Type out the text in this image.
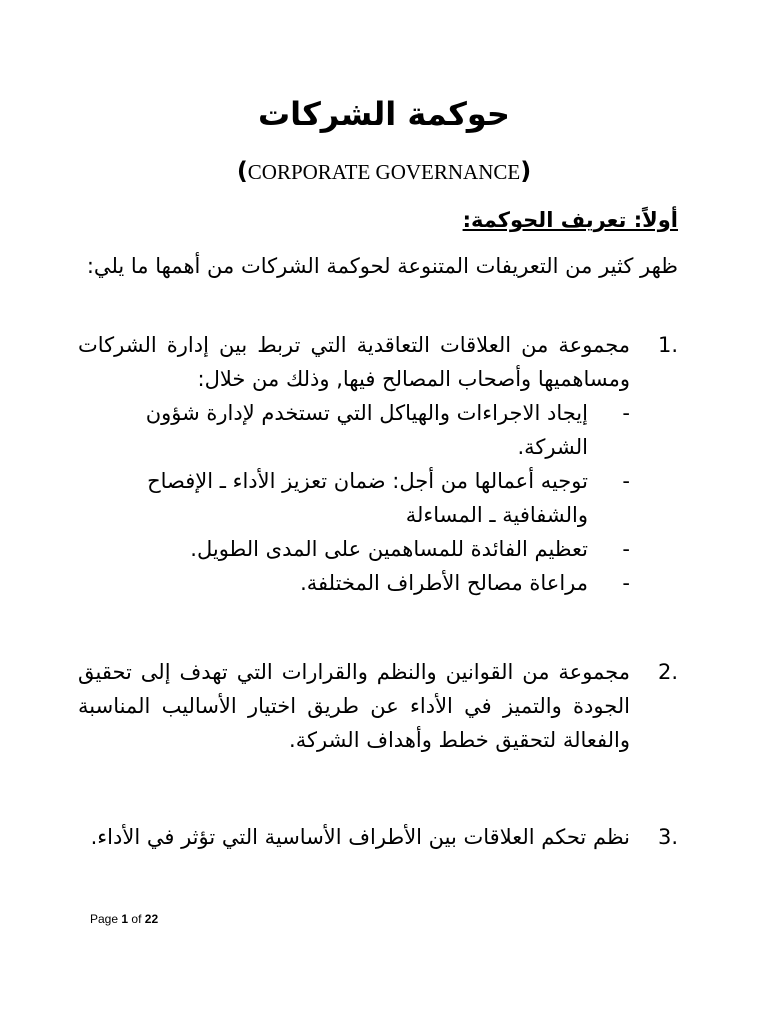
حوكمة الشركات
(CORPORATE GOVERNANCE)
أولاً: تعريف الحوكمة:
ظهر كثير من التعريفات المتنوعة لحوكمة الشركات من أهمها ما يلي:
1.
مجموعة من العلاقات التعاقدية التي تربط بين إدارة الشركات ومساهميها وأصحاب المصالح فيها, وذلك من خلال:
-
إيجاد الاجراءات والهياكل التي تستخدم لإدارة شؤون الشركة.
-
توجيه أعمالها من أجل: ضمان تعزيز الأداء ـ الإفصاح والشفافية ـ المساءلة
-
تعظيم الفائدة للمساهمين على المدى الطويل.
-
مراعاة مصالح الأطراف المختلفة.
2.
مجموعة من القوانين والنظم والقرارات التي تهدف إلى تحقيق الجودة والتميز في الأداء عن طريق اختيار الأساليب المناسبة والفعالة لتحقيق خطط وأهداف الشركة.
3.
نظم تحكم العلاقات بين الأطراف الأساسية التي تؤثر في الأداء.
Page 1 of 22
